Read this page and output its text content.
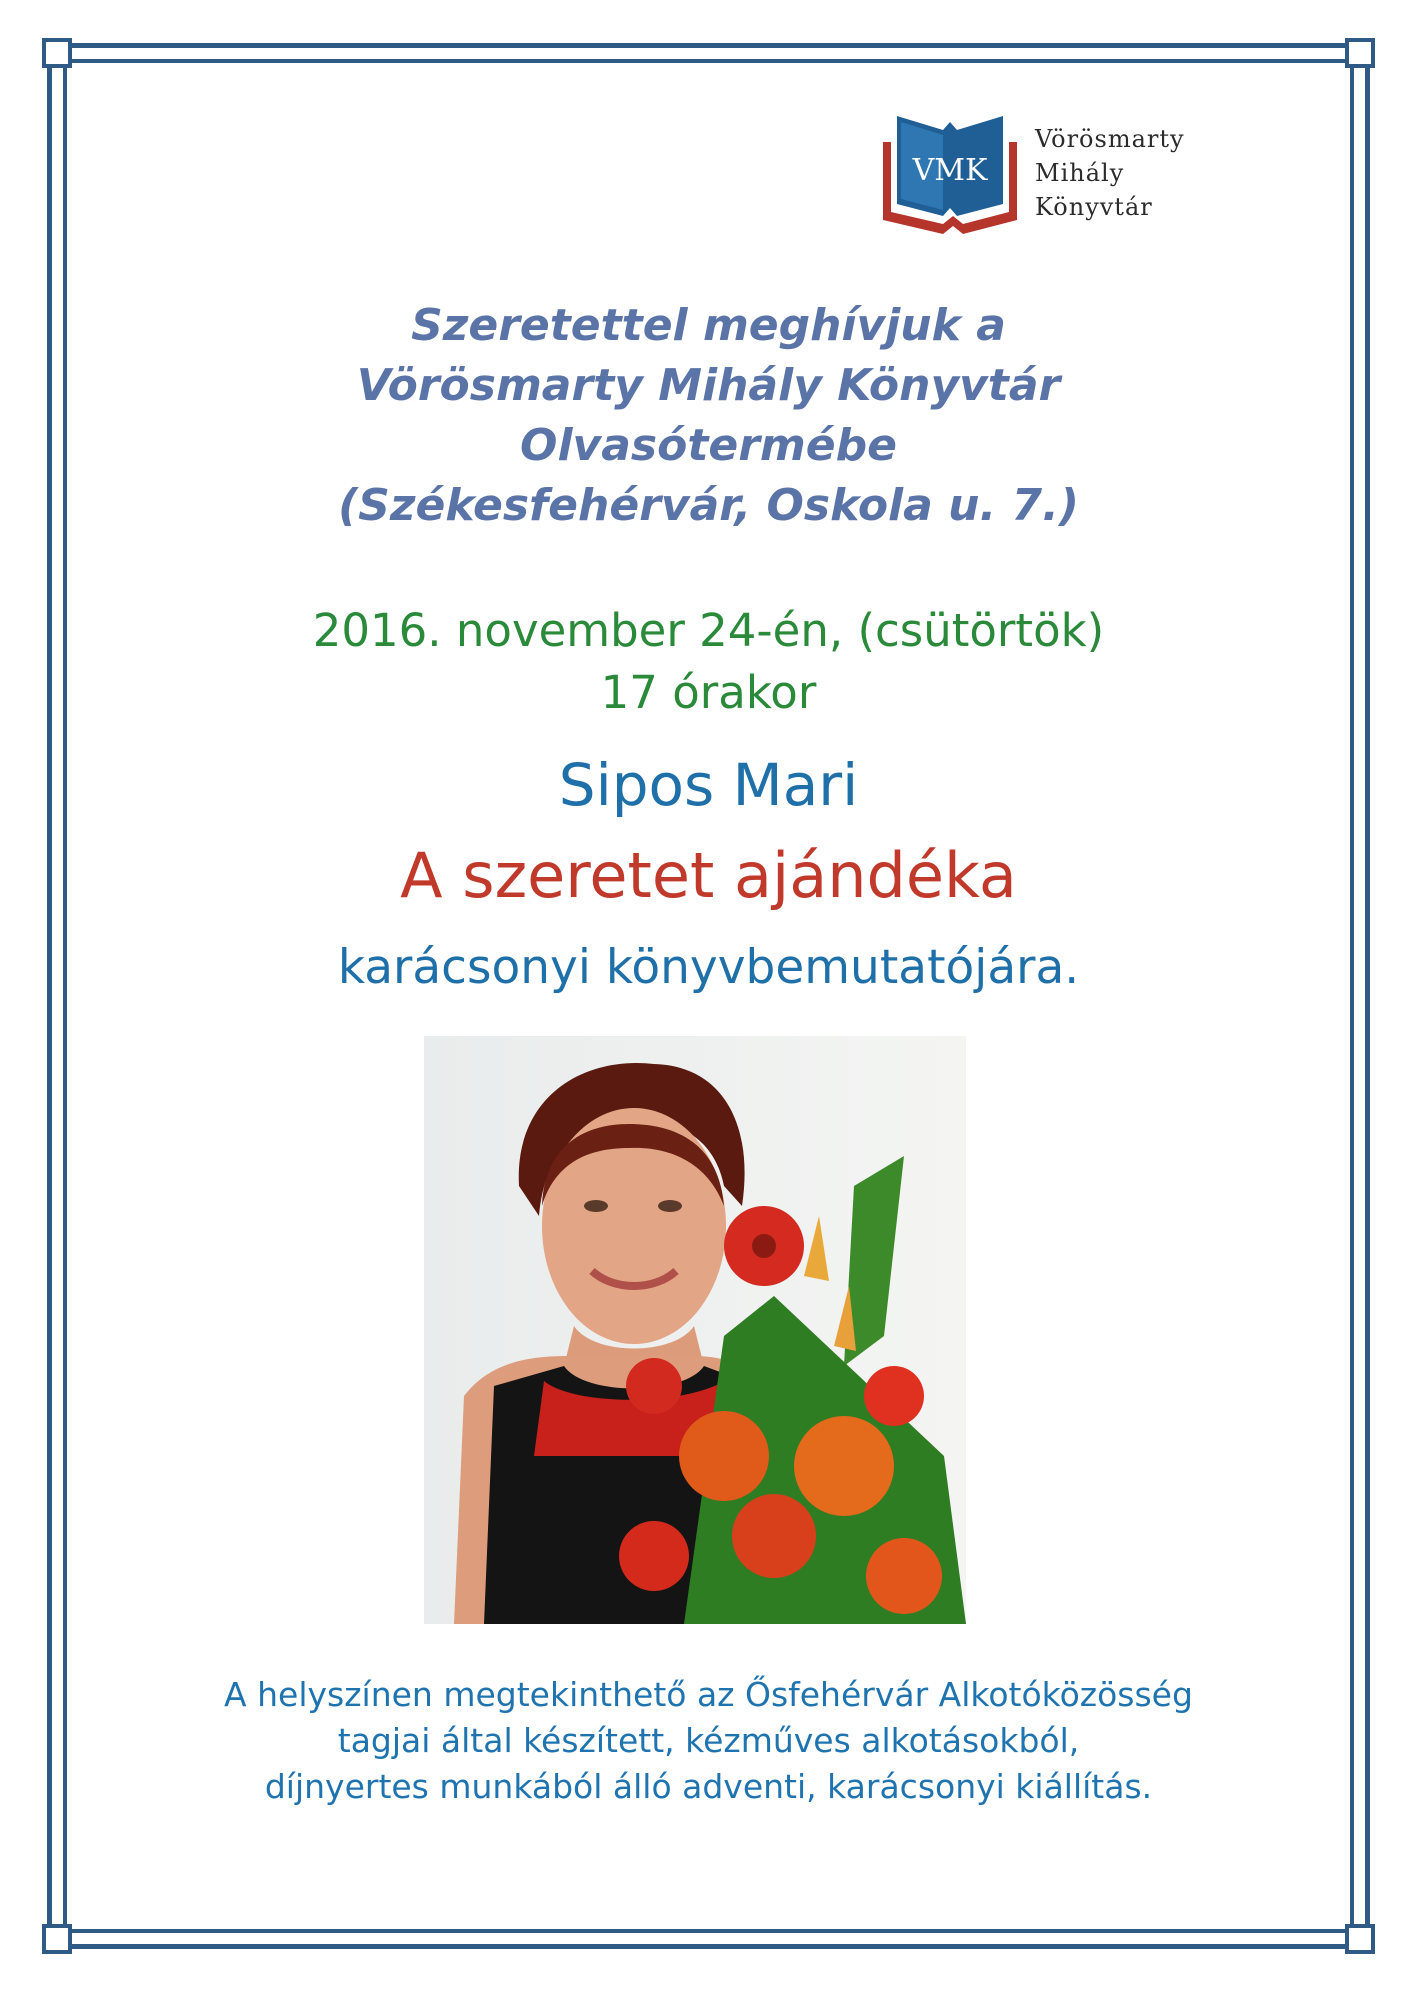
VMK
Vörösmarty
Mihály
Könyvtár
Szeretettel meghívjuk a
Vörösmarty Mihály Könyvtár
Olvasótermébe
(Székesfehérvár, Oskola u. 7.)
2016. november 24-én, (csütörtök)
17 órakor
Sipos Mari
A szeretet ajándéka
karácsonyi könyvbemutatójára.
A helyszínen megtekinthető az Ősfehérvár Alkotóközösség
tagjai által készített, kézműves alkotásokból,
díjnyertes munkából álló adventi, karácsonyi kiállítás.
